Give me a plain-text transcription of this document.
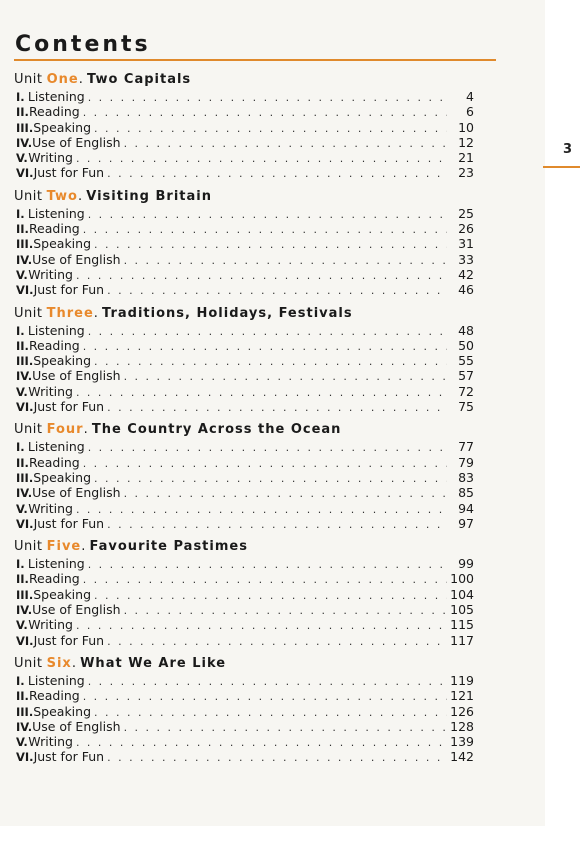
Contents
Unit One. Two Capitals
I. Listening . . .	4
II. Reading . . .	6
III. Speaking . . .	10
IV. Use of English . . .	12
V. Writing . . .	21
VI. Just for Fun . . .	23
Unit Two. Visiting Britain
I. Listening . . .	25
II. Reading . . .	26
III. Speaking . . .	31
IV. Use of English . . .	33
V. Writing . . .	42
VI. Just for Fun . . .	46
Unit Three. Traditions, Holidays, Festivals
I. Listening . . .	48
II. Reading . . .	50
III. Speaking . . .	55
IV. Use of English . . .	57
V. Writing . . .	72
VI. Just for Fun . . .	75
Unit Four. The Country Across the Ocean
I. Listening . . .	77
II. Reading . . .	79
III. Speaking . . .	83
IV. Use of English . . .	85
V. Writing . . .	94
VI. Just for Fun . . .	97
Unit Five. Favourite Pastimes
I. Listening . . .	99
II. Reading . . .	100
III. Speaking . . .	104
IV. Use of English . . .	105
V. Writing . . .	115
VI. Just for Fun . . .	117
Unit Six. What We Are Like
I. Listening . . .	119
II. Reading . . .	121
III. Speaking . . .	126
IV. Use of English . . .	128
V. Writing . . .	139
VI. Just for Fun . . .	142
3
